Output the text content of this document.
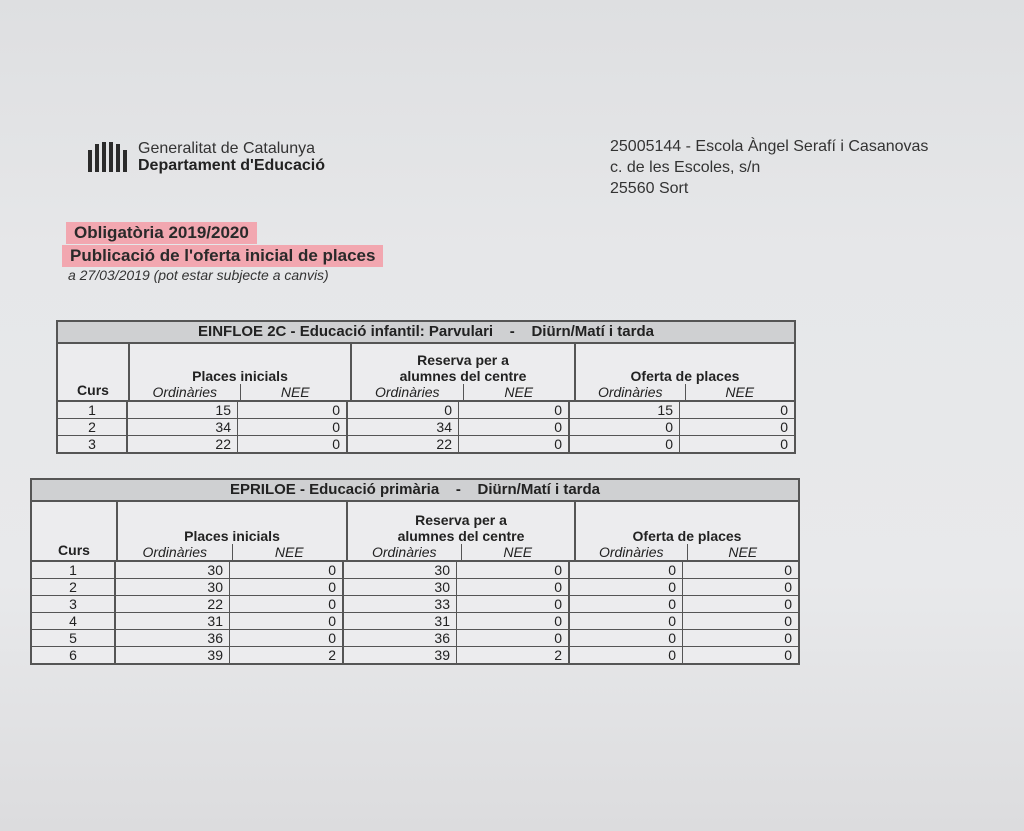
Generalitat de Catalunya
Departament d'Educació
25005144 - Escola Àngel Serafí i Casanovas
c. de les Escoles, s/n
25560 Sort
Obligatòria 2019/2020
Publicació de l'oferta inicial de places
a 27/03/2019 (pot estar subjecte a canvis)
EINFLOE 2C - Educació infantil: Parvulari    -    Diürn/Matí i tarda
Curs
Places inicials
Ordinàries	NEE
Reserva per a
alumnes del centre
Ordinàries	NEE
Oferta de places
Ordinàries	NEE
1	15	0	0	0	15	0
2	34	0	34	0	0	0
3	22	0	22	0	0	0
EPRILOE - Educació primària    -    Diürn/Matí i tarda
Curs
Places inicials
Ordinàries	NEE
Reserva per a
alumnes del centre
Ordinàries	NEE
Oferta de places
Ordinàries	NEE
1	30	0	30	0	0	0
2	30	0	30	0	0	0
3	22	0	33	0	0	0
4	31	0	31	0	0	0
5	36	0	36	0	0	0
6	39	2	39	2	0	0
